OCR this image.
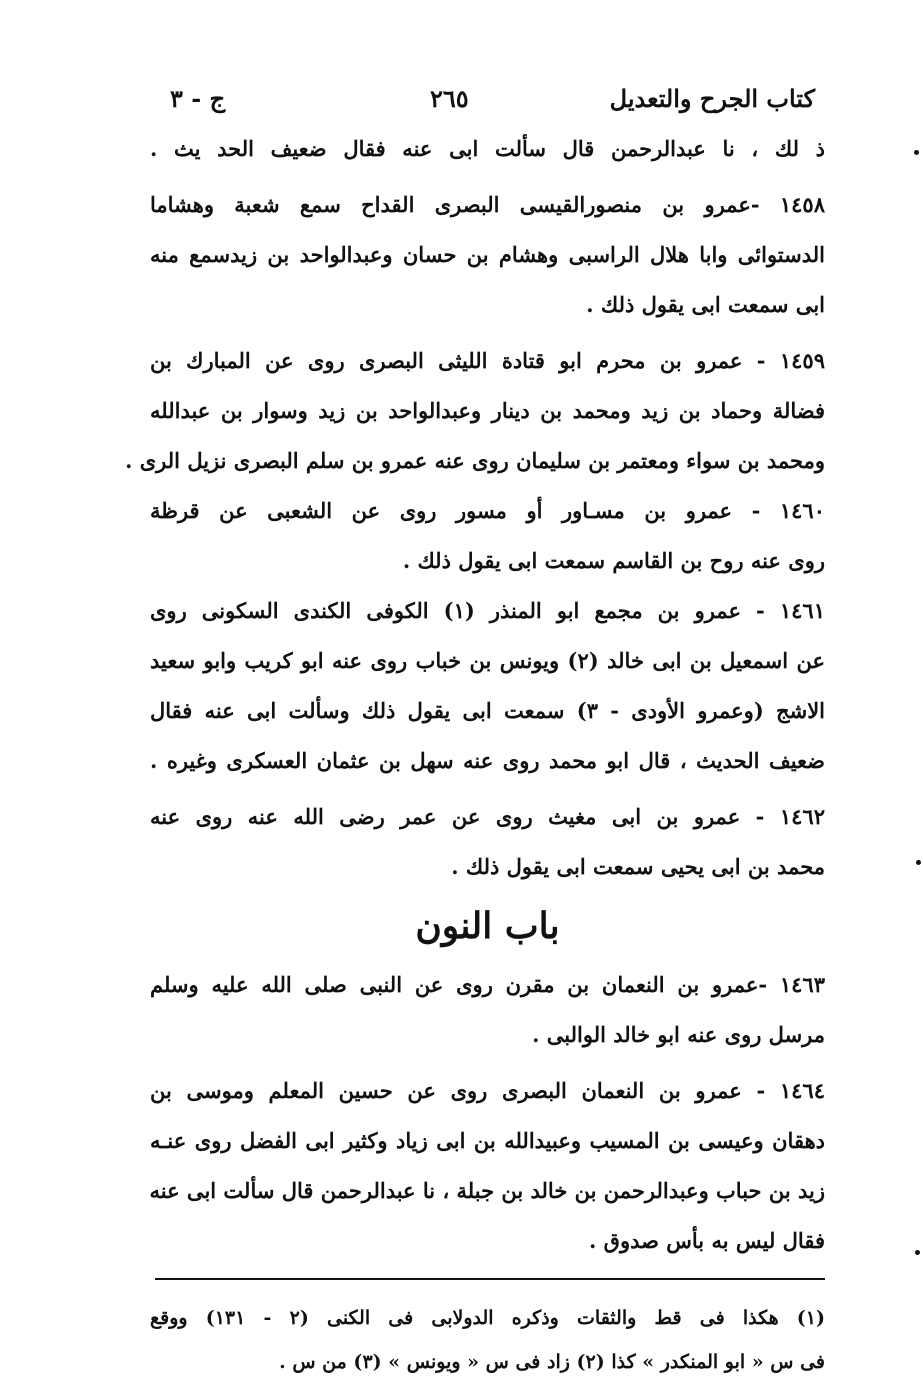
كتاب الجرح والتعديل
٢٦٥
ج - ٣
ذ لك ، نا عبدالرحمن قال سألت ابى عنه فقال ضعيف الحد يث .
١٤٥٨ -عمرو بن منصورالقيسى البصرى القداح سمع شعبة وهشاما
الدستوائى وابا هلال الراسبى وهشام بن حسان وعبدالواحد بن زيدسمع منه
ابى سمعت ابى يقول ذلك .
١٤٥٩ - عمرو بن محرم ابو قتادة الليثى البصرى روى عن المبارك بن
فضالة وحماد بن زيد ومحمد بن دينار وعبدالواحد بن زيد وسوار بن عبدالله
ومحمد بن سواء ومعتمر بن سليمان روى عنه عمرو بن سلم البصرى نزيل الرى .
١٤٦٠ - عمرو بن مسـاور أو مسور روى عن الشعبى عن قرظة
روى عنه روح بن القاسم سمعت ابى يقول ذلك .
١٤٦١ - عمرو بن مجمع ابو المنذر (١) الكوفى الكندى السكونى روى
عن اسمعيل بن ابى خالد (٢) ويونس بن خباب روى عنه ابو كريب وابو سعيد
الاشج (وعمرو الأودى - ٣) سمعت ابى يقول ذلك وسألت ابى عنه فقال
ضعيف الحديث ، قال ابو محمد روى عنه سهل بن عثمان العسكرى وغيره .
١٤٦٢ - عمرو بن ابى مغيث روى عن عمر رضى الله عنه روى عنه
محمد بن ابى يحيى سمعت ابى يقول ذلك .
باب النون
١٤٦٣ -عمرو بن النعمان بن مقرن روى عن النبى صلى الله عليه وسلم
مرسل روى عنه ابو خالد الوالبى .
١٤٦٤ - عمرو بن النعمان البصرى روى عن حسين المعلم وموسى بن
دهقان وعيسى بن المسيب وعبيدالله بن ابى زياد وكثير ابى الفضل روى عنـه
زيد بن حباب وعبدالرحمن بن خالد بن جبلة ، نا عبدالرحمن قال سألت ابى عنه
فقال ليس به بأس صدوق .
(١) هكذا فى قط والثقات وذكره الدولابى فى الكنى (٢ - ١٣١) ووقع
فى س « ابو المنكدر » كذا (٢) زاد فى س « ويونس » (٣) من س .
